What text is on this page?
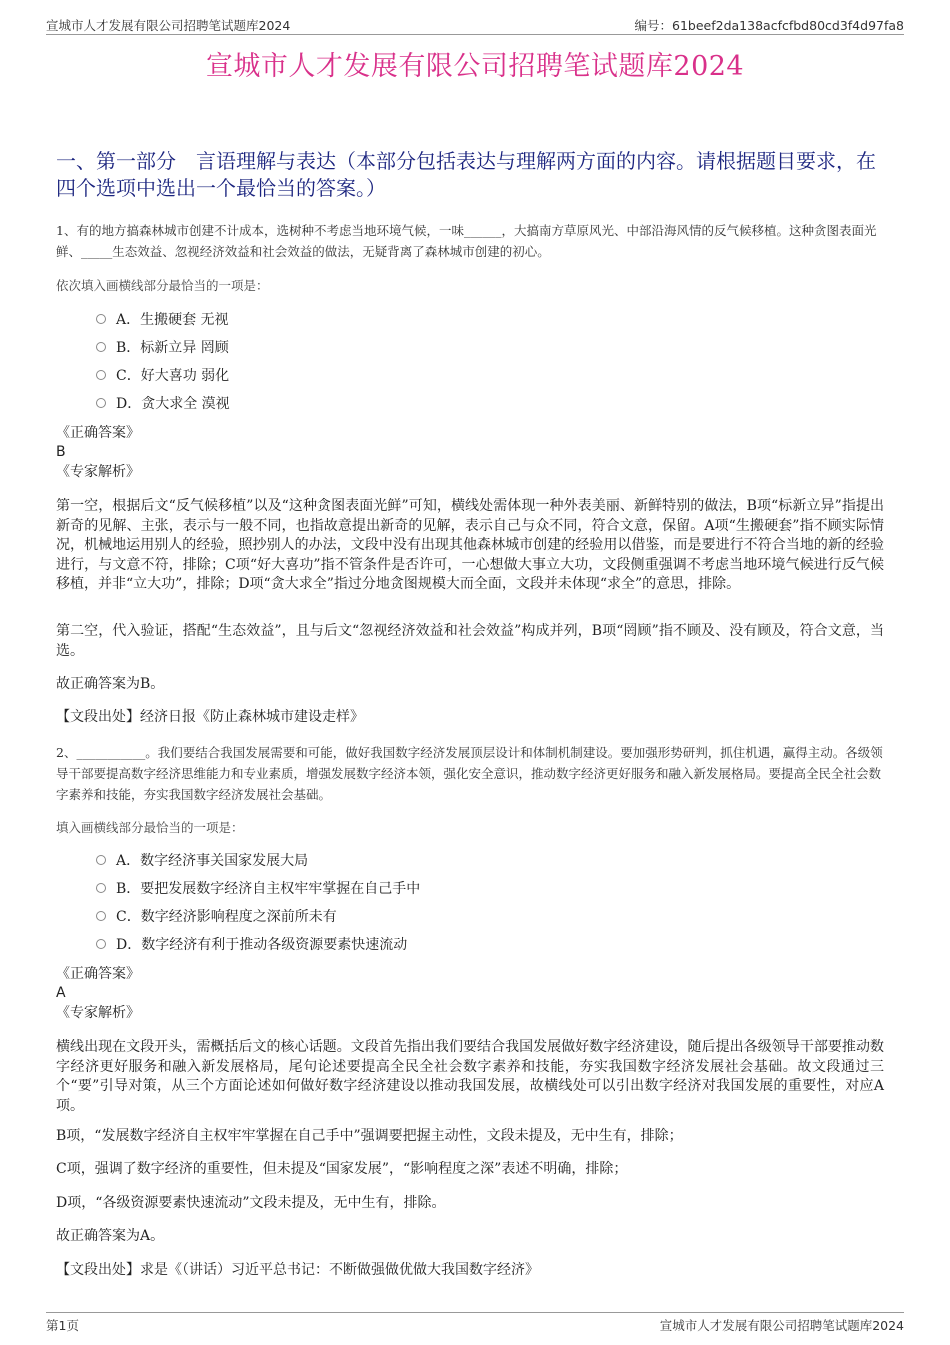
宣城市人才发展有限公司招聘笔试题库2024	编号：61beef2da138acfcfbd80cd3f4d97fa8
宣城市人才发展有限公司招聘笔试题库2024
一、第一部分　言语理解与表达（本部分包括表达与理解两方面的内容。请根据题目要求，在四个选项中选出一个最恰当的答案。）
1、有的地方搞森林城市创建不计成本，选树种不考虑当地环境气候，一味______，大搞南方草原风光、中部沿海风情的反气候移植。这种贪图表面光鲜、_____生态效益、忽视经济效益和社会效益的做法，无疑背离了森林城市创建的初心。
依次填入画横线部分最恰当的一项是：
A．生搬硬套 无视
B．标新立异 罔顾
C．好大喜功 弱化
D．贪大求全 漠视
《正确答案》
B
《专家解析》
第一空，根据后文“反气候移植”以及“这种贪图表面光鲜”可知，横线处需体现一种外表美丽、新鲜特别的做法，B项“标新立异”指提出新奇的见解、主张，表示与一般不同，也指故意提出新奇的见解，表示自己与众不同，符合文意，保留。A项“生搬硬套”指不顾实际情况，机械地运用别人的经验，照抄别人的办法，文段中没有出现其他森林城市创建的经验用以借鉴，而是要进行不符合当地的新的经验进行，与文意不符，排除；C项“好大喜功”指不管条件是否许可，一心想做大事立大功，文段侧重强调不考虑当地环境气候进行反气候移植，并非“立大功”，排除；D项“贪大求全”指过分地贪图规模大而全面，文段并未体现“求全”的意思，排除。
第二空，代入验证，搭配“生态效益”，且与后文“忽视经济效益和社会效益”构成并列，B项“罔顾”指不顾及、没有顾及，符合文意，当选。
故正确答案为B。
【文段出处】经济日报《防止森林城市建设走样》
2、___________。我们要结合我国发展需要和可能，做好我国数字经济发展顶层设计和体制机制建设。要加强形势研判，抓住机遇，赢得主动。各级领导干部要提高数字经济思维能力和专业素质，增强发展数字经济本领，强化安全意识，推动数字经济更好服务和融入新发展格局。要提高全民全社会数字素养和技能，夯实我国数字经济发展社会基础。
填入画横线部分最恰当的一项是：
A．数字经济事关国家发展大局
B．要把发展数字经济自主权牢牢掌握在自己手中
C．数字经济影响程度之深前所未有
D．数字经济有利于推动各级资源要素快速流动
《正确答案》
A
《专家解析》
横线出现在文段开头，需概括后文的核心话题。文段首先指出我们要结合我国发展做好数字经济建设，随后提出各级领导干部要推动数字经济更好服务和融入新发展格局，尾句论述要提高全民全社会数字素养和技能，夯实我国数字经济发展社会基础。故文段通过三个“要”引导对策，从三个方面论述如何做好数字经济建设以推动我国发展，故横线处可以引出数字经济对我国发展的重要性，对应A项。
B项，“发展数字经济自主权牢牢掌握在自己手中”强调要把握主动性，文段未提及，无中生有，排除；
C项，强调了数字经济的重要性，但未提及“国家发展”，“影响程度之深”表述不明确，排除；
D项，“各级资源要素快速流动”文段未提及，无中生有，排除。
故正确答案为A。
【文段出处】求是《（讲话）习近平总书记：不断做强做优做大我国数字经济》
第1页	宣城市人才发展有限公司招聘笔试题库2024
